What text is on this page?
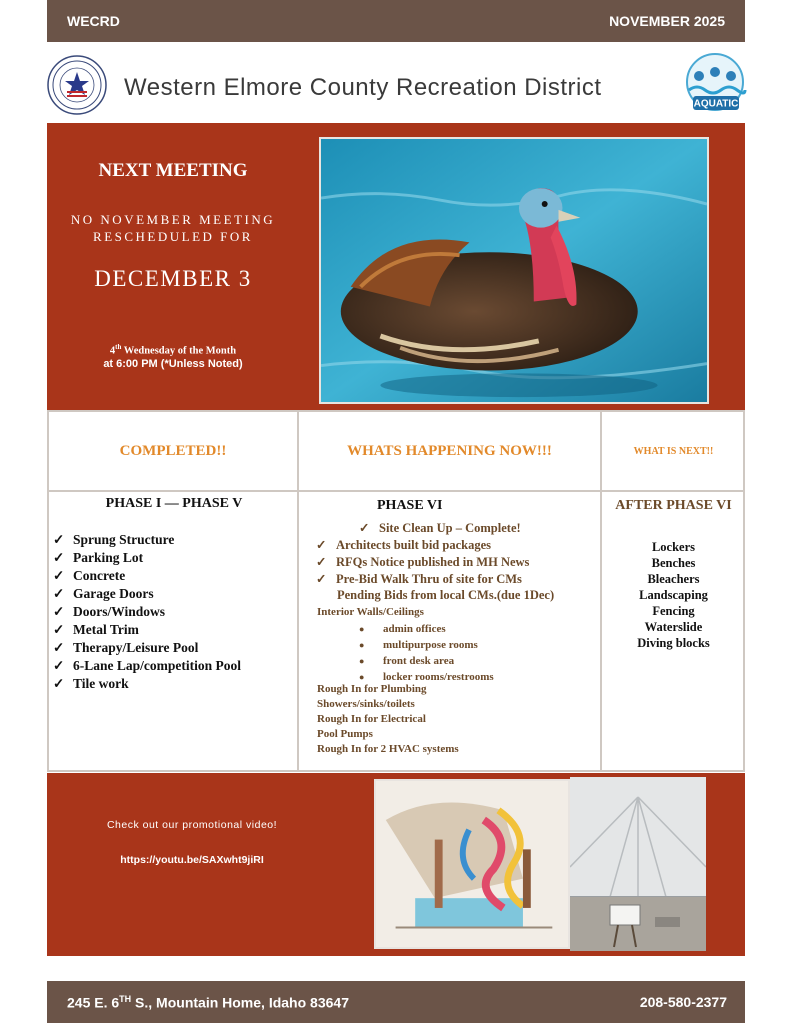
WECRD	NOVEMBER 2025
Western Elmore County Recreation District
AQUATIC
NEXT MEETING
NO NOVEMBER MEETING
RESCHEDULED FOR
DECEMBER 3
4th Wednesday of the Month
at 6:00 PM (*Unless Noted)
COMPLETED!!
PHASE I — PHASE V
✓ Sprung Structure
✓ Parking Lot
✓ Concrete
✓ Garage Doors
✓ Doors/Windows
✓ Metal Trim
✓ Therapy/Leisure Pool
✓ 6-Lane Lap/competition Pool
✓ Tile work
WHATS HAPPENING NOW!!!
PHASE VI
✓ Site Clean Up – Complete!
✓ Architects built bid packages
✓ RFQs Notice published in MH News
✓ Pre-Bid Walk Thru of site for CMs
Pending Bids from local CMs.(due 1Dec)
Interior Walls/Ceilings
● admin offices
● multipurpose rooms
● front desk area
● locker rooms/restrooms
Rough In for Plumbing
Showers/sinks/toilets
Rough In for Electrical
Pool Pumps
Rough In for 2 HVAC systems
WHAT IS NEXT!!
AFTER PHASE VI
Lockers
Benches
Bleachers
Landscaping
Fencing
Waterslide
Diving blocks
Check out our promotional video!
https://youtu.be/SAXwht9jiRI
245 E. 6TH S., Mountain Home, Idaho 83647	208-580-2377
